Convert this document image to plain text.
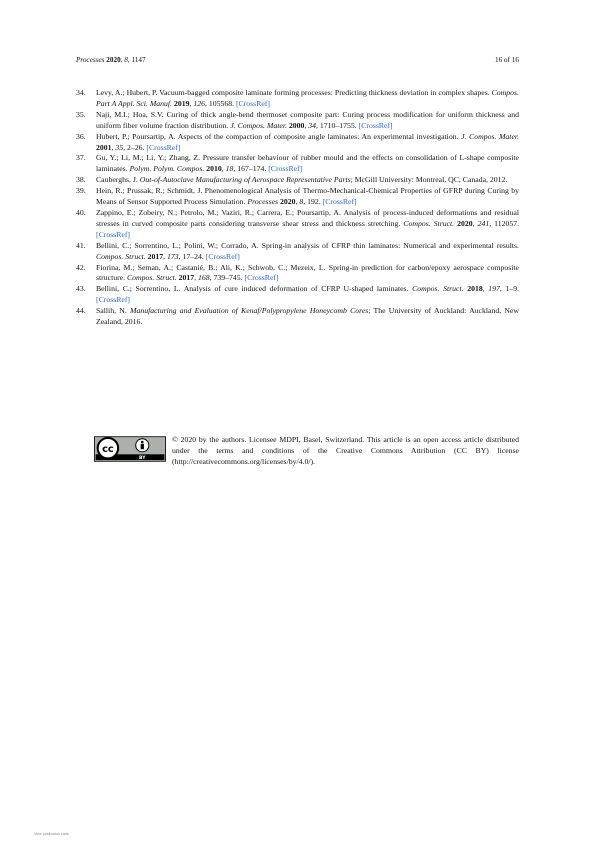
Processes 2020, 8, 1147	16 of 16
34. Levy, A.; Hubert, P. Vacuum-bagged composite laminate forming processes: Predicting thickness deviation in complex shapes. Compos. Part A Appl. Sci. Manuf. 2019, 126, 105568. [CrossRef]
35. Naji, M.I.; Hoa, S.V. Curing of thick angle-bend thermoset composite part: Curing process modification for uniform thickness and uniform fiber volume fraction distribution. J. Compos. Mater. 2000, 34, 1710–1755. [CrossRef]
36. Hubert, P.; Poursartip, A. Aspects of the compaction of composite angle laminates: An experimental investigation. J. Compos. Mater. 2001, 35, 2–26. [CrossRef]
37. Gu, Y.; Li, M.; Li, Y.; Zhang, Z. Pressure transfer behaviour of rubber mould and the effects on consolidation of L-shape composite laminates. Polym. Polym. Compos. 2010, 18, 167–174. [CrossRef]
38. Cauberghs, J. Out-of-Autoclave Manufacturing of Aerospace Representative Parts; McGill University: Montreal, QC, Canada, 2012.
39. Hein, R.; Prussak, R.; Schmidt, J. Phenomenological Analysis of Thermo-Mechanical-Chemical Properties of GFRP during Curing by Means of Sensor Supported Process Simulation. Processes 2020, 8, 192. [CrossRef]
40. Zappino, E.; Zobeiry, N.; Petrolo, M.; Vaziri, R.; Carrera, E.; Poursartip, A. Analysis of process-induced deformations and residual stresses in curved composite parts considering transverse shear stress and thickness stretching. Compos. Struct. 2020, 241, 112057. [CrossRef]
41. Bellini, C.; Sorrentino, L.; Polini, W.; Corrado, A. Spring-in analysis of CFRP thin laminates: Numerical and experimental results. Compos. Struct. 2017, 173, 17–24. [CrossRef]
42. Fiorina, M.; Seman, A.; Castanié, B.; Ali, K.; Schwob, C.; Mezeix, L. Spring-in prediction for carbon/epoxy aerospace composite structure. Compos. Struct. 2017, 168, 739–745. [CrossRef]
43. Bellini, C.; Sorrentino, L. Analysis of cure induced deformation of CFRP U-shaped laminates. Compos. Struct. 2018, 197, 1–9. [CrossRef]
44. Sallih, N. Manufacturing and Evaluation of Kenaf/Polypropylene Honeycomb Cores; The University of Auckland: Auckland, New Zealand, 2016.
cc
BY
© 2020 by the authors. Licensee MDPI, Basel, Switzerland. This article is an open access article distributed under the terms and conditions of the Creative Commons Attribution (CC BY) license (http://creativecommons.org/licenses/by/4.0/).
View publication stats
